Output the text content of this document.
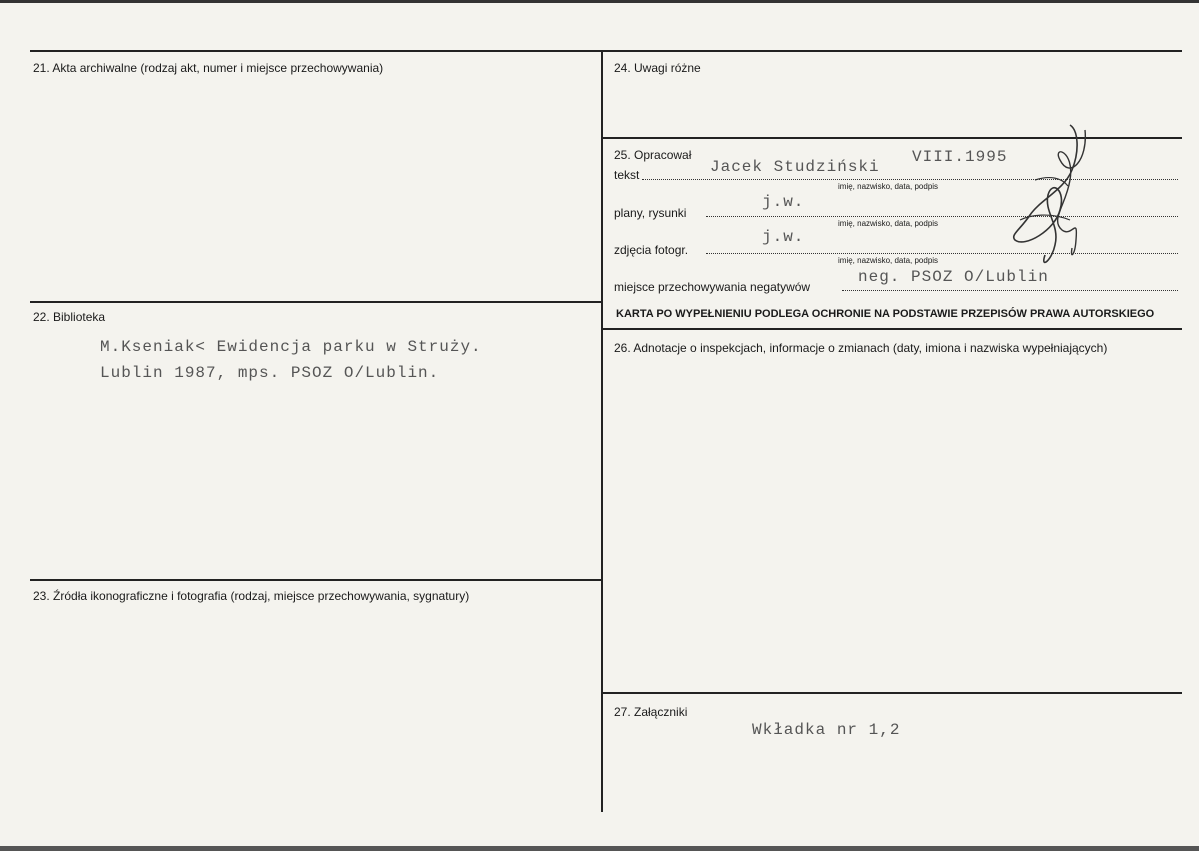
21. Akta archiwalne (rodzaj akt, numer i miejsce przechowywania)
22. Biblioteka
M.Kseniak< Ewidencja parku w Struży.
Lublin 1987, mps. PSOZ O/Lublin.
23. Źródła ikonograficzne i fotografia (rodzaj, miejsce przechowywania, sygnatury)
24. Uwagi różne
25. Opracował
tekst	Jacek Studziński
VIII.1995
imię, nazwisko, data, podpis
plany, rysunki
j.w.
imię, nazwisko, data, podpis
zdjęcia fotogr.
j.w.
imię, nazwisko, data, podpis
miejsce przechowywania negatywów
neg. PSOZ O/Lublin
KARTA PO WYPEŁNIENIU PODLEGA OCHRONIE NA PODSTAWIE PRZEPISÓW PRAWA AUTORSKIEGO
26. Adnotacje o inspekcjach, informacje o zmianach (daty, imiona i nazwiska wypełniających)
27. Załączniki
Wkładka nr 1,2
